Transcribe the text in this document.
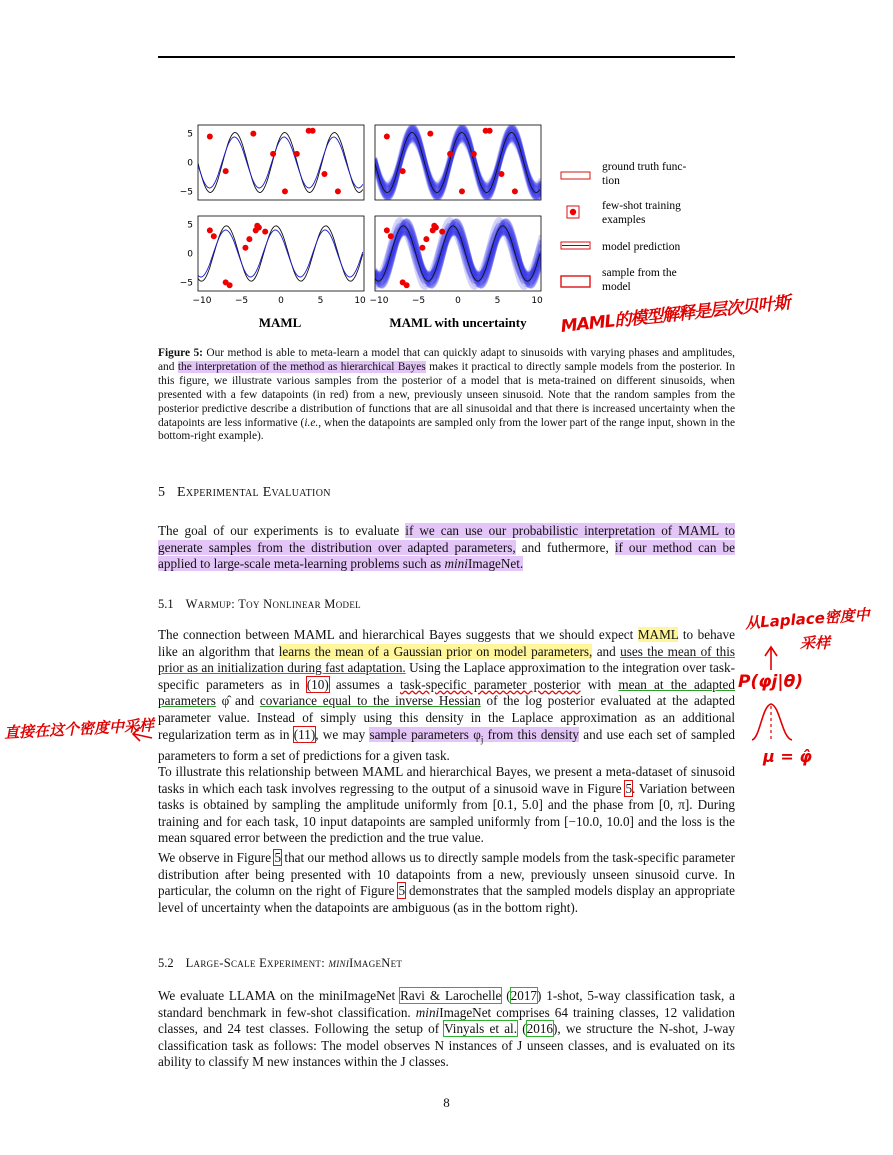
5
0
−5
5
0
−5
−10	−5	0	5	10 −10	−5	0	5	10
MAML	MAML with uncertainty
ground truth func-tion
few-shot training examples
model prediction
sample from the model
MAML的模型解释是层次贝叶斯
Figure 5: Our method is able to meta-learn a model that can quickly adapt to sinusoids with varying phases and amplitudes, and the interpretation of the method as hierarchical Bayes makes it practical to directly sample models from the posterior. In this figure, we illustrate various samples from the posterior of a model that is meta-trained on different sinusoids, when presented with a few datapoints (in red) from a new, previously unseen sinusoid. Note that the random samples from the posterior predictive describe a distribution of functions that are all sinusoidal and that there is increased uncertainty when the datapoints are less informative (i.e., when the datapoints are sampled only from the lower part of the range input, shown in the bottom-right example).
5 Experimental Evaluation
The goal of our experiments is to evaluate if we can use our probabilistic interpretation of MAML to generate samples from the distribution over adapted parameters, and futhermore, if our method can be applied to large-scale meta-learning problems such as miniImageNet.
5.1 Warmup: Toy Nonlinear Model
The connection between MAML and hierarchical Bayes suggests that we should expect MAML to behave like an algorithm that learns the mean of a Gaussian prior on model parameters, and uses the mean of this prior as an initialization during fast adaptation. Using the Laplace approximation to the integration over task-specific parameters as in (10) assumes a task-specific parameter posterior with mean at the adapted parameters φ̂ and covariance equal to the inverse Hessian of the log posterior evaluated at the adapted parameter value. Instead of simply using this density in the Laplace approximation as an additional regularization term as in (11), we may sample parameters $\varphi_j$ from this density and use each set of sampled parameters to form a set of predictions for a given task.
To illustrate this relationship between MAML and hierarchical Bayes, we present a meta-dataset of sinusoid tasks in which each task involves regressing to the output of a sinusoid wave in Figure 5. Variation between tasks is obtained by sampling the amplitude uniformly from [0.1, 5.0] and the phase from [0, π]. During training and for each task, 10 input datapoints are sampled uniformly from [−10.0, 10.0] and the loss is the mean squared error between the prediction and the true value.
We observe in Figure 5 that our method allows us to directly sample models from the task-specific parameter distribution after being presented with 10 datapoints from a new, previously unseen sinusoid curve. In particular, the column on the right of Figure 5 demonstrates that the sampled models display an appropriate level of uncertainty when the datapoints are ambiguous (as in the bottom right).
5.2 Large-Scale Experiment: miniImageNet
We evaluate LLAMA on the miniImageNet Ravi & Larochelle (2017) 1-shot, 5-way classification task, a standard benchmark in few-shot classification. miniImageNet comprises 64 training classes, 12 validation classes, and 24 test classes. Following the setup of Vinyals et al. (2016), we structure the N-shot, J-way classification task as follows: The model observes N instances of J unseen classes, and is evaluated on its ability to classify M new instances within the J classes.
8
从Laplace密度中
采样
P(φj|θ)
μ = φ̂
直接在这个密度中采样
